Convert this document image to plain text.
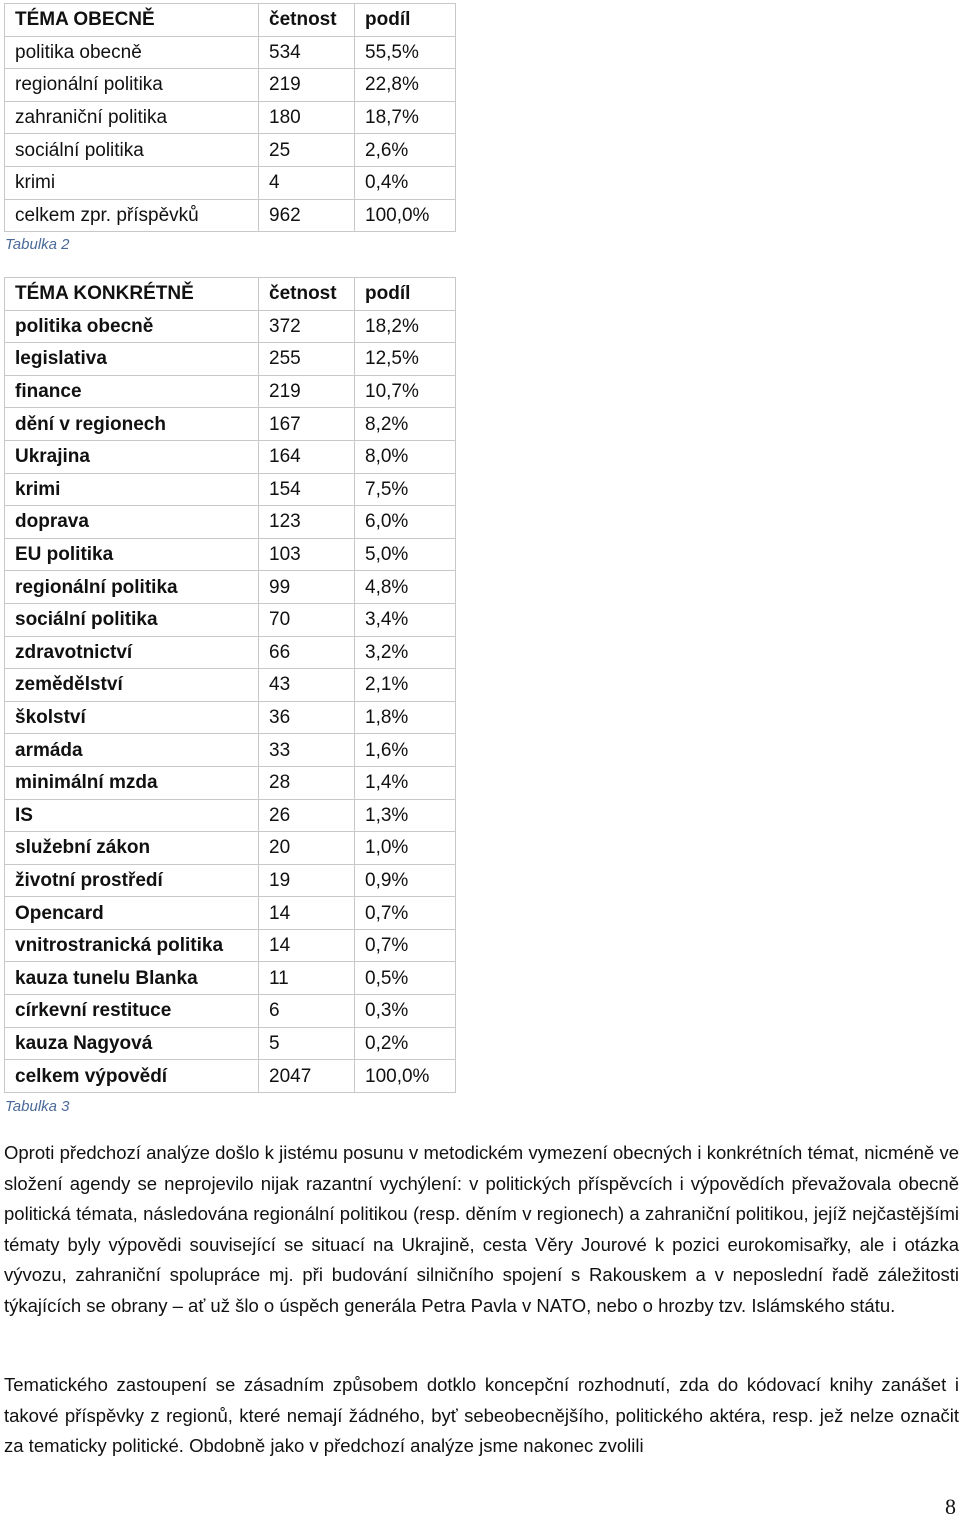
TÉMA OBECNĚ	četnost	podíl
politika obecně	534	55,5%
regionální politika	219	22,8%
zahraniční politika	180	18,7%
sociální politika	25	2,6%
krimi	4	0,4%
celkem zpr. příspěvků	962	100,0%
Tabulka 2
TÉMA KONKRÉTNĚ	četnost	podíl
politika obecně	372	18,2%
legislativa	255	12,5%
finance	219	10,7%
dění v regionech	167	8,2%
Ukrajina	164	8,0%
krimi	154	7,5%
doprava	123	6,0%
EU politika	103	5,0%
regionální politika	99	4,8%
sociální politika	70	3,4%
zdravotnictví	66	3,2%
zemědělství	43	2,1%
školství	36	1,8%
armáda	33	1,6%
minimální mzda	28	1,4%
IS	26	1,3%
služební zákon	20	1,0%
životní prostředí	19	0,9%
Opencard	14	0,7%
vnitrostranická politika	14	0,7%
kauza tunelu Blanka	11	0,5%
církevní restituce	6	0,3%
kauza Nagyová	5	0,2%
celkem výpovědí	2047	100,0%
Tabulka 3

Oproti předchozí analýze došlo k jistému posunu v metodickém vymezení obecných i konkrétních témat, nicméně ve složení agendy se neprojevilo nijak razantní vychýlení: v politických příspěvcích i výpovědích převažovala obecně politická témata, následována regionální politikou (resp. děním v regionech) a zahraniční politikou, jejíž nejčastějšími tématy byly výpovědi související se situací na Ukrajině, cesta Věry Jourové k pozici eurokomisařky, ale i otázka vývozu, zahraniční spolupráce mj. při budování silničního spojení s Rakouskem a v neposlední řadě záležitosti týkajících se obrany – ať už šlo o úspěch generála Petra Pavla v NATO, nebo o hrozby tzv. Islámského státu.

Tematického zastoupení se zásadním způsobem dotklo koncepční rozhodnutí, zda do kódovací knihy zanášet i takové příspěvky z regionů, které nemají žádného, byť sebeobecnějšího, politického aktéra, resp. jež nelze označit za tematicky politické. Obdobně jako v předchozí analýze jsme nakonec zvolili

8
